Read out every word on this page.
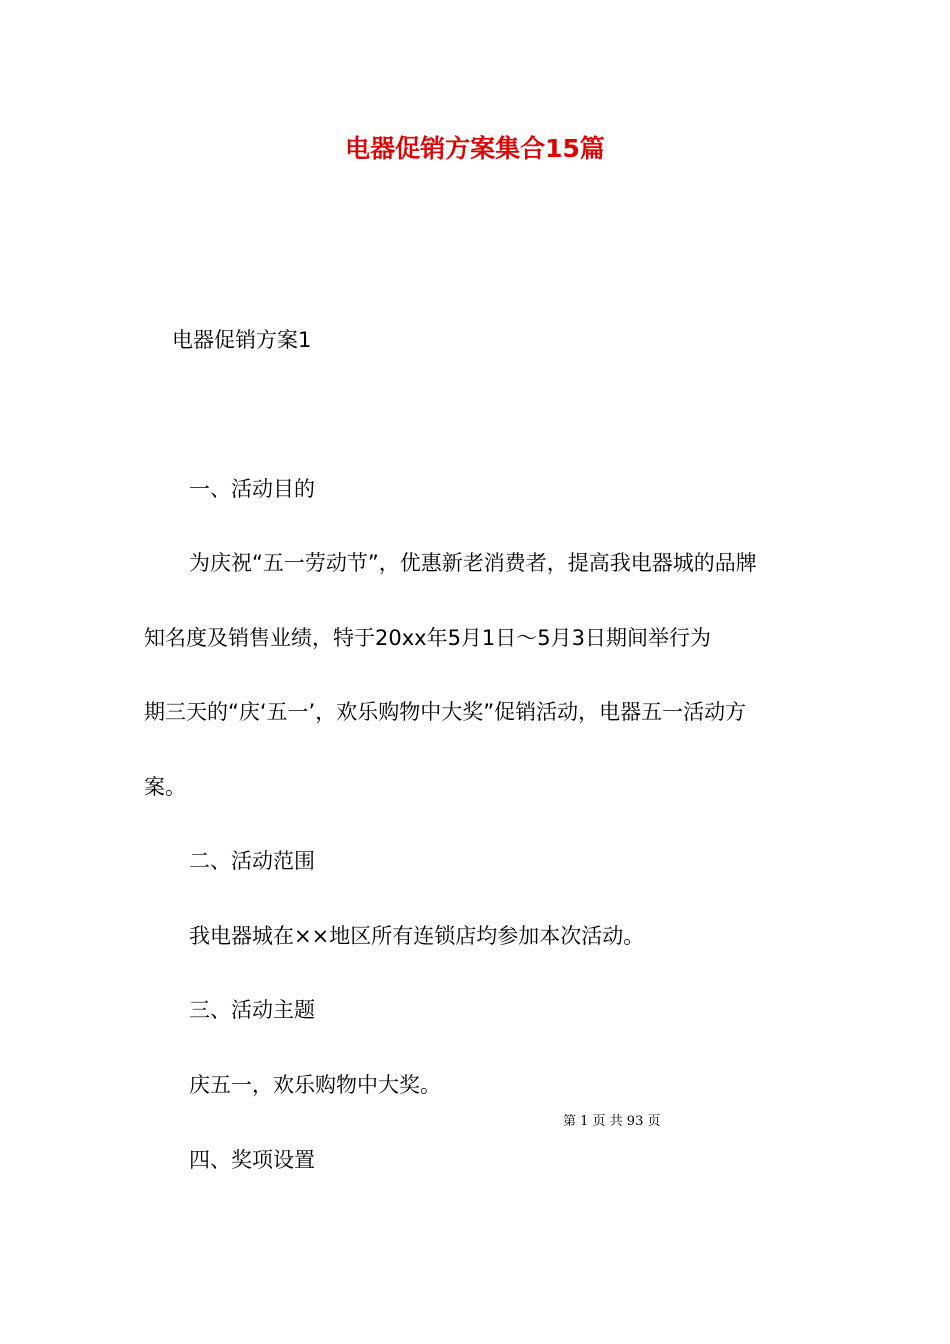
电器促销方案集合15篇
电器促销方案1
一、活动目的
为庆祝“五一劳动节”，优惠新老消费者，提高我电器城的品牌
知名度及销售业绩，特于20xx年5月1日～5月3日期间举行为
期三天的“庆‘五一’，欢乐购物中大奖”促销活动，电器五一活动方
案。
二、活动范围
我电器城在××地区所有连锁店均参加本次活动。
三、活动主题
庆五一，欢乐购物中大奖。
第 1 页 共 93 页
四、奖项设置
